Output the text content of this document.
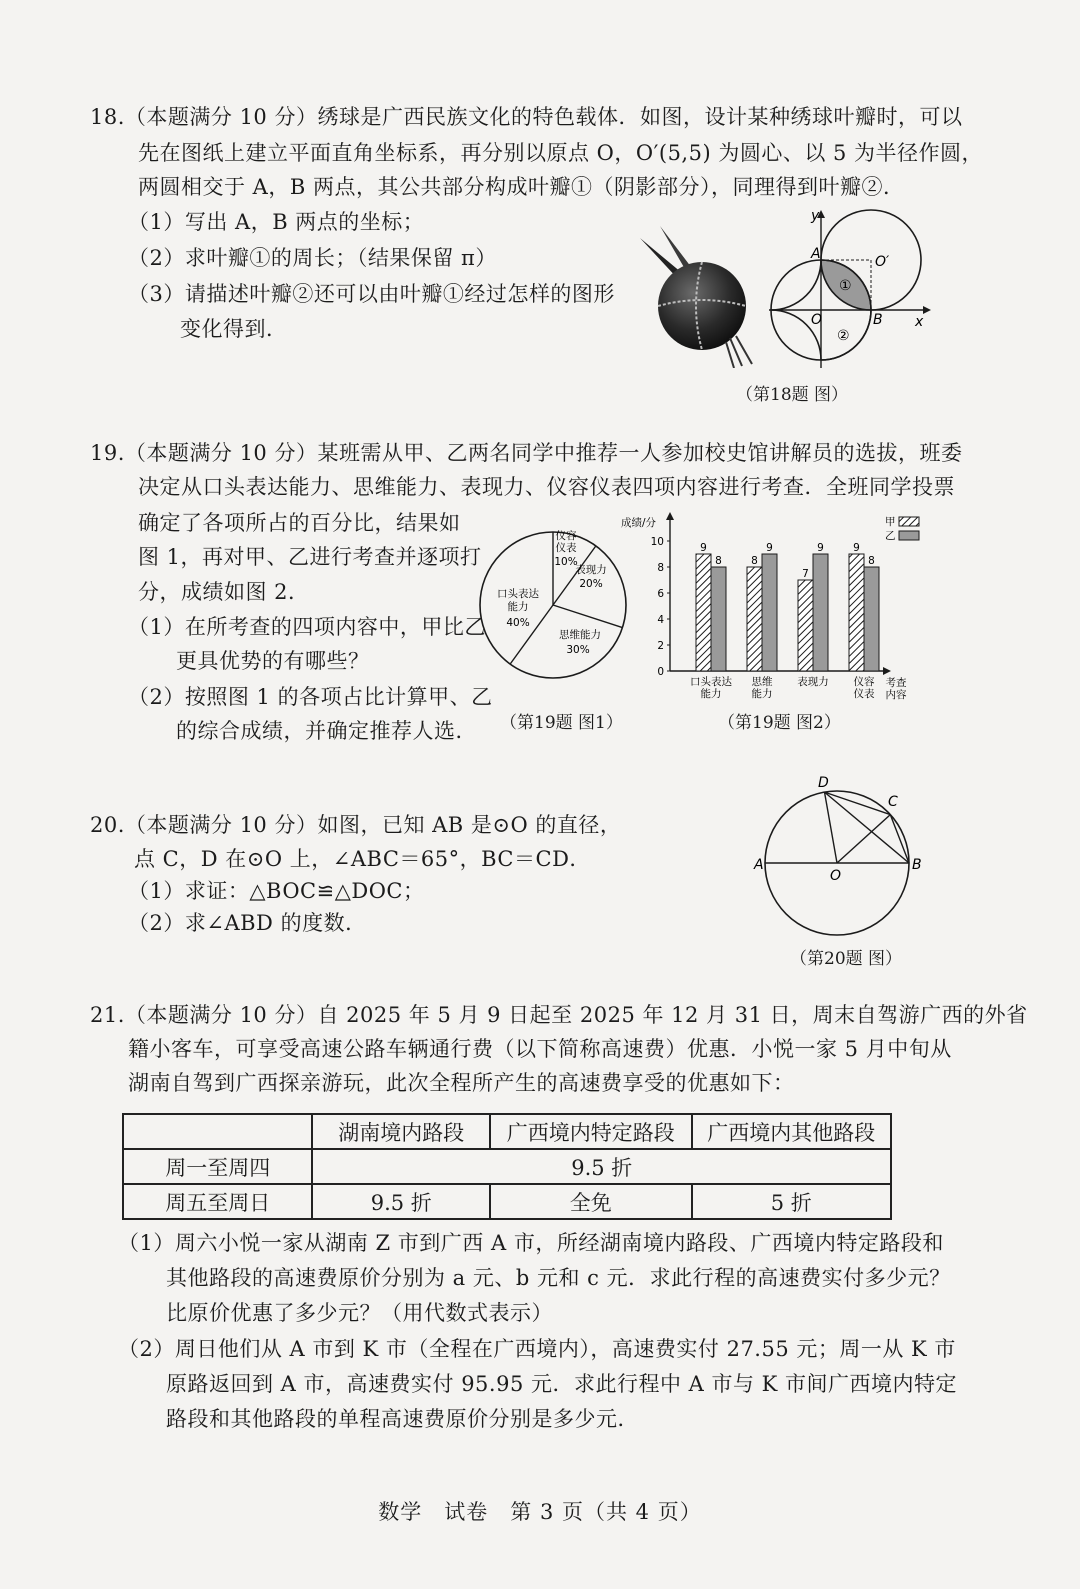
18.（本题满分 10 分）绣球是广西民族文化的特色载体．如图，设计某种绣球叶瓣时，可以
先在图纸上建立平面直角坐标系，再分别以原点 O，O′(5,5) 为圆心、以 5 为半径作圆，
两圆相交于 A，B 两点，其公共部分构成叶瓣①（阴影部分），同理得到叶瓣②．
（1）写出 A，B 两点的坐标；
（2）求叶瓣①的周长；（结果保留 π）
（3）请描述叶瓣②还可以由叶瓣①经过怎样的图形
变化得到．
y
x
A
B
O
O′
①
②
（第18题 图）
19.（本题满分 10 分）某班需从甲、乙两名同学中推荐一人参加校史馆讲解员的选拔，班委
决定从口头表达能力、思维能力、表现力、仪容仪表四项内容进行考查．全班同学投票
确定了各项所占的百分比，结果如
图 1，再对甲、乙进行考查并逐项打
分，成绩如图 2．
（1）在所考查的四项内容中，甲比乙
更具优势的有哪些？
（2）按照图 1 的各项占比计算甲、乙
的综合成绩，并确定推荐人选．
仪容
仪表
10%
表现力
20%
思维能力
30%
口头表达
能力
40%
（第19题 图1）
0
2
4
6
8
10	9
8	8
9
7
9	9
8
口头表达
能力
思维
能力
表现力 仪容
仪表
成绩/分
考查
内容
甲
乙
（第19题 图2）
20.（本题满分 10 分）如图，已知 AB 是⊙O 的直径，
点 C，D 在⊙O 上，∠ABC＝65°，BC＝CD．
（1）求证：△BOC≌△DOC；
（2）求∠ABD 的度数．
A	B
C
D
O
（第20题 图）
21.（本题满分 10 分）自 2025 年 5 月 9 日起至 2025 年 12 月 31 日，周末自驾游广西的外省
籍小客车，可享受高速公路车辆通行费（以下简称高速费）优惠．小悦一家 5 月中旬从
湖南自驾到广西探亲游玩，此次全程所产生的高速费享受的优惠如下：
	湖南境内路段	广西境内特定路段	广西境内其他路段
周一至周四	9.5 折		
周五至周日	9.5 折	全免	5 折
（1）周六小悦一家从湖南 Z 市到广西 A 市，所经湖南境内路段、广西境内特定路段和
其他路段的高速费原价分别为 a 元、b 元和 c 元．求此行程的高速费实付多少元？
比原价优惠了多少元？（用代数式表示）
（2）周日他们从 A 市到 K 市（全程在广西境内），高速费实付 27.55 元；周一从 K 市
原路返回到 A 市，高速费实付 95.95 元．求此行程中 A 市与 K 市间广西境内特定
路段和其他路段的单程高速费原价分别是多少元．
数学　试卷　第 3 页（共 4 页）
